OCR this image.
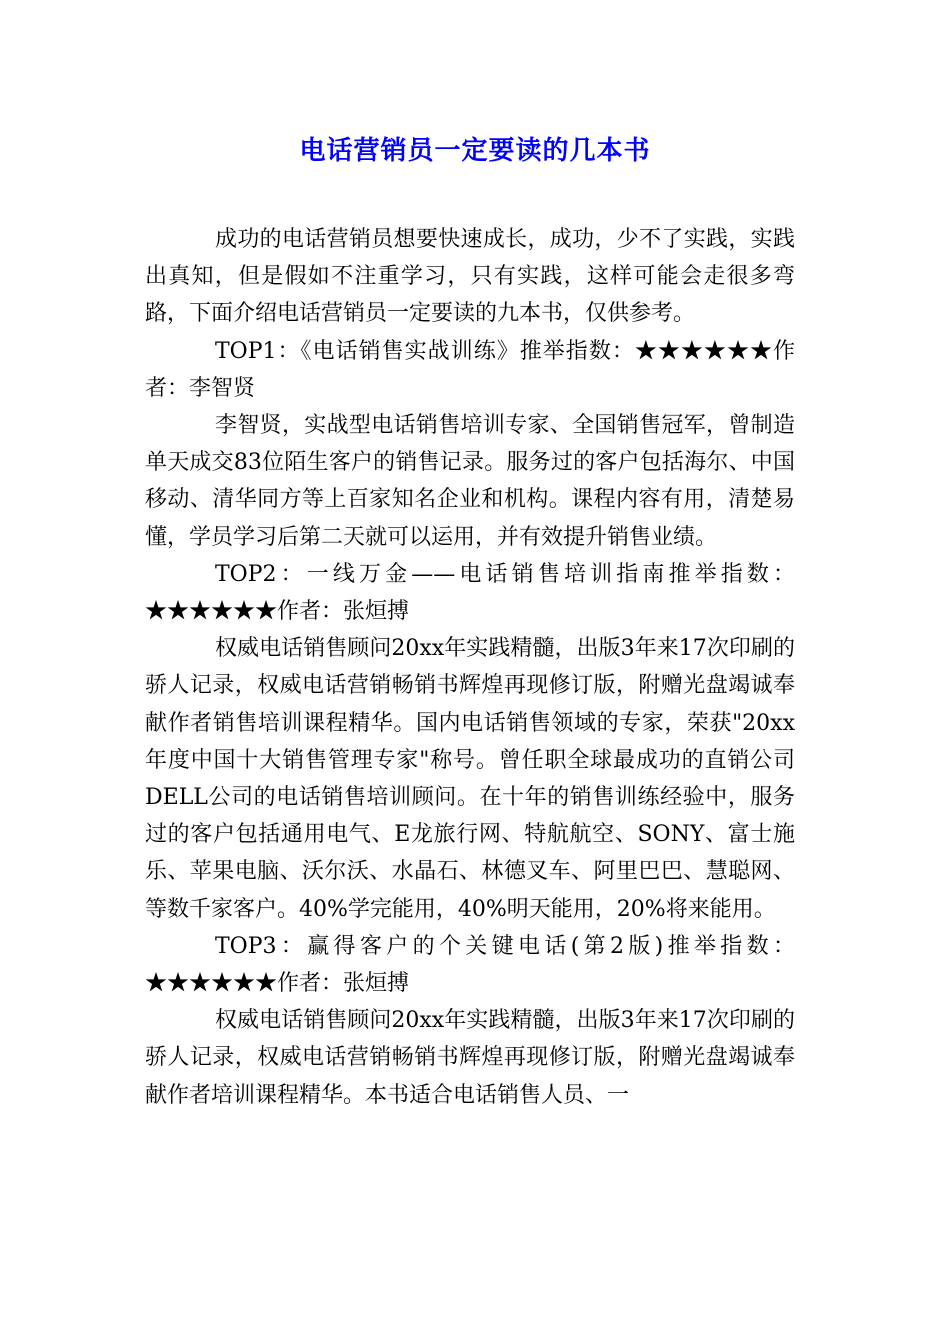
电话营销员一定要读的几本书

成功的电话营销员想要快速成长，成功，少不了实践，实践出真知，但是假如不注重学习，只有实践，这样可能会走很多弯路，下面介绍电话营销员一定要读的九本书，仅供参考。

TOP1：《电话销售实战训练》推举指数：★★★★★★作者：李智贤

李智贤，实战型电话销售培训专家、全国销售冠军，曾制造单天成交83位陌生客户的销售记录。服务过的客户包括海尔、中国移动、清华同方等上百家知名企业和机构。课程内容有用，清楚易懂，学员学习后第二天就可以运用，并有效提升销售业绩。

TOP2：一线万金——电话销售培训指南推举指数：★★★★★★作者：张烜搏

权威电话销售顾问20xx年实践精髓，出版3年来17次印刷的骄人记录，权威电话营销畅销书辉煌再现修订版，附赠光盘竭诚奉献作者销售培训课程精华。国内电话销售领域的专家，荣获"20xx年度中国十大销售管理专家"称号。曾任职全球最成功的直销公司DELL公司的电话销售培训顾问。在十年的销售训练经验中，服务过的客户包括通用电气、E龙旅行网、特航航空、SONY、富士施乐、苹果电脑、沃尔沃、水晶石、林德叉车、阿里巴巴、慧聪网、等数千家客户。40%学完能用，40%明天能用，20%将来能用。

TOP3：赢得客户的个关键电话(第2版)推举指数：★★★★★★作者：张烜搏

权威电话销售顾问20xx年实践精髓，出版3年来17次印刷的骄人记录，权威电话营销畅销书辉煌再现修订版，附赠光盘竭诚奉献作者培训课程精华。本书适合电话销售人员、一
